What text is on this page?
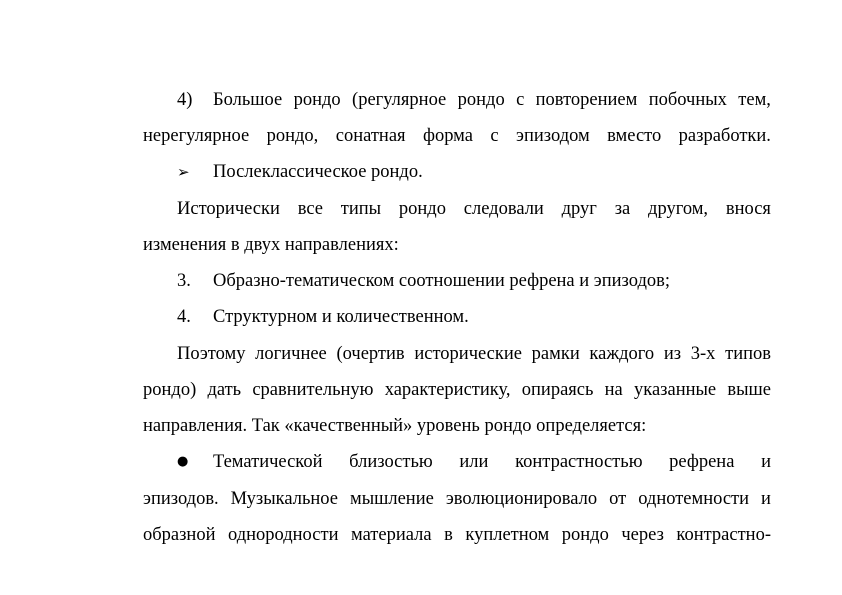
4)	Большое рондо (регулярное рондо с повторением побочных тем,
нерегулярное рондо, сонатная форма с эпизодом вместо разработки.
➢	Послеклассическое рондо.
Исторически все типы рондо следовали друг за другом, внося
изменения в двух направлениях:
3.	Образно-тематическом соотношении рефрена и эпизодов;
4.	Структурном и количественном.
Поэтому логичнее (очертив исторические рамки каждого из 3-х типов
рондо) дать сравнительную характеристику, опираясь на указанные выше
направления. Так «качественный» уровень рондо определяется:
●	Тематической близостью или контрастностью рефрена и
эпизодов. Музыкальное мышление эволюционировало от однотемности и
образной однородности материала в куплетном рондо через контрастно-
